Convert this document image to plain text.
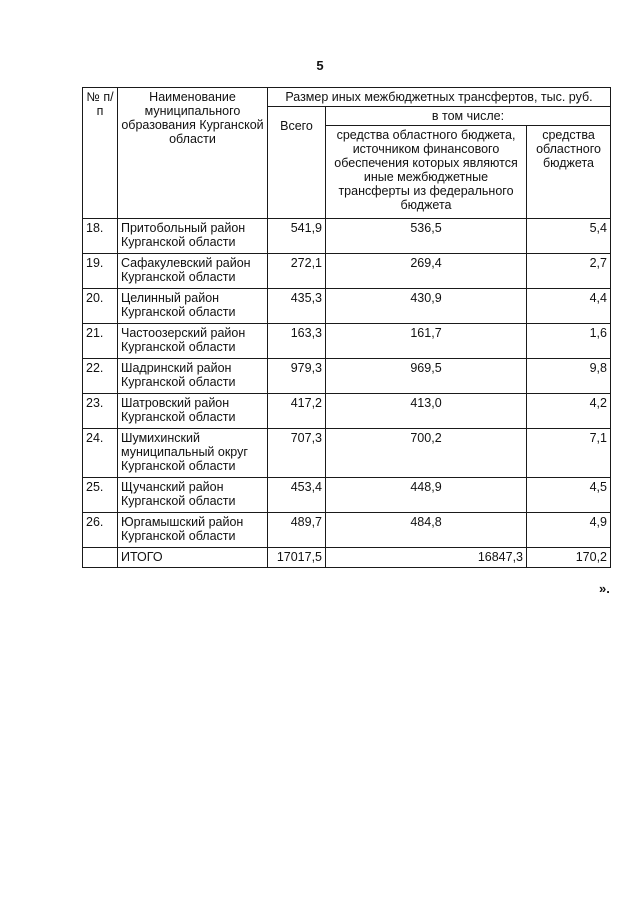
5
№ п/п	Наименование муниципального образования Курганской области	Размер иных межбюджетных трансфертов, тыс. руб.		
		Всего	в том числе:	
			средства областного бюджета, источником финансового обеспечения которых являются иные межбюджетные трансферты из федерального бюджета	средства областного бюджета
18.	Притобольный район Курганской области	541,9	536,5	5,4
19.	Сафакулевский район Курганской области	272,1	269,4	2,7
20.	Целинный район Курганской области	435,3	430,9	4,4
21.	Частоозерский район Курганской области	163,3	161,7	1,6
22.	Шадринский район Курганской области	979,3	969,5	9,8
23.	Шатровский район Курганской области	417,2	413,0	4,2
24.	Шумихинский муниципальный округ Курганской области	707,3	700,2	7,1
25.	Щучанский район Курганской области	453,4	448,9	4,5
26.	Юргамышский район Курганской области	489,7	484,8	4,9
	ИТОГО	17017,5	16847,3	170,2
».
